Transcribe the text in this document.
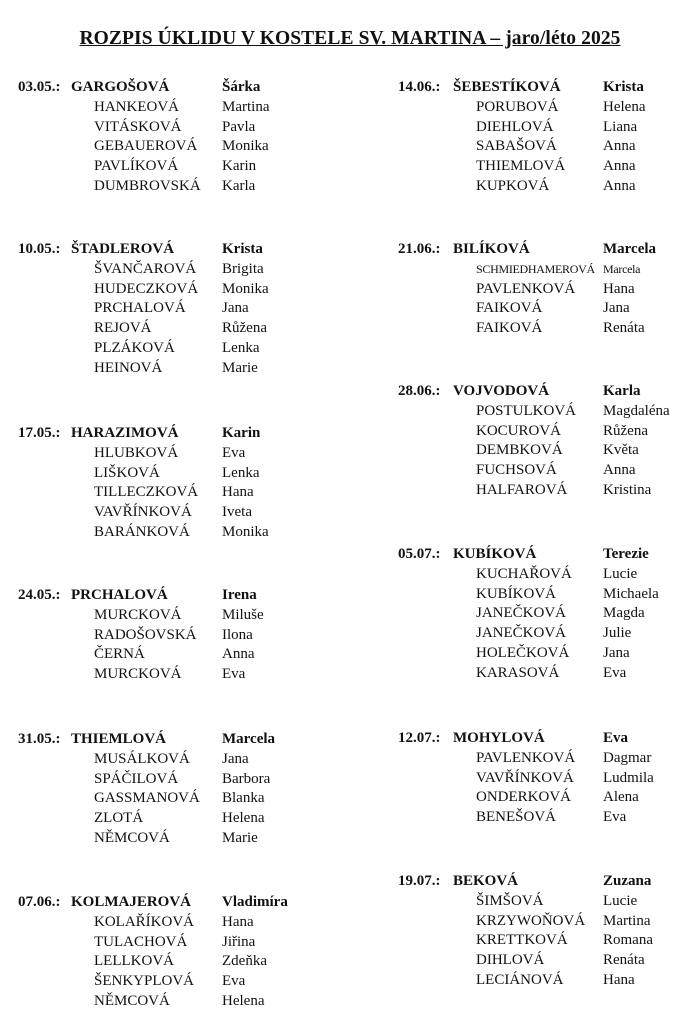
ROZPIS ÚKLIDU V KOSTELE SV. MARTINA – jaro/léto 2025
03.05.: GARGOŠOVÁ	Šárka
HANKEOVÁ	Martina
VITÁSKOVÁ	Pavla
GEBAUEROVÁ Monika
PAVLÍKOVÁ	Karin
DUMBROVSKÁ Karla
10.05.: ŠTADLEROVÁ	Krista
ŠVANČAROVÁ Brigita
HUDECZKOVÁ Monika
PRCHALOVÁ Jana
REJOVÁ	Růžena
PLZÁKOVÁ	Lenka
HEINOVÁ	Marie
17.05.: HARAZIMOVÁ	Karin
HLUBKOVÁ	Eva
LIŠKOVÁ	Lenka
TILLECZKOVÁ Hana
VAVŘÍNKOVÁ Iveta
BARÁNKOVÁ Monika
24.05.: PRCHALOVÁ	Irena
MURCKOVÁ	Miluše
RADOŠOVSKÁ Ilona
ČERNÁ	Anna
MURCKOVÁ	Eva
31.05.: THIEMLOVÁ	Marcela
MUSÁLKOVÁ Jana
SPÁČILOVÁ	Barbora
GASSMANOVÁ Blanka
ZLOTÁ	Helena
NĚMCOVÁ	Marie
07.06.: KOLMAJEROVÁ Vladimíra
KOLAŘÍKOVÁ Hana
TULACHOVÁ Jiřina
LELLKOVÁ	Zdeňka
ŠENKYPLOVÁ Eva
NĚMCOVÁ	Helena
14.06.: ŠEBESTÍKOVÁ	Krista
PORUBOVÁ	Helena
DIEHLOVÁ	Liana
SABAŠOVÁ	Anna
THIEMLOVÁ	Anna
KUPKOVÁ	Anna
21.06.: BILÍKOVÁ	Marcela
SCHMIEDHAMEROVÁ Marcela
PAVLENKOVÁ Hana
FAIKOVÁ	Jana
FAIKOVÁ	Renáta
28.06.: VOJVODOVÁ	Karla
POSTULKOVÁ Magdaléna
KOCUROVÁ	Růžena
DEMBKOVÁ	Květa
FUCHSOVÁ	Anna
HALFAROVÁ Kristina
05.07.: KUBÍKOVÁ	Terezie
KUCHAŘOVÁ Lucie
KUBÍKOVÁ	Michaela
JANEČKOVÁ Magda
JANEČKOVÁ Julie
HOLEČKOVÁ Jana
KARASOVÁ	Eva
12.07.: MOHYLOVÁ	Eva
PAVLENKOVÁ Dagmar
VAVŘÍNKOVÁ Ludmila
ONDERKOVÁ Alena
BENEŠOVÁ	Eva
19.07.: BEKOVÁ	Zuzana
ŠIMŠOVÁ	Lucie
KRZYWOŇOVÁ Martina
KRETTKOVÁ Romana
DIHLOVÁ	Renáta
LECIÁNOVÁ	Hana
